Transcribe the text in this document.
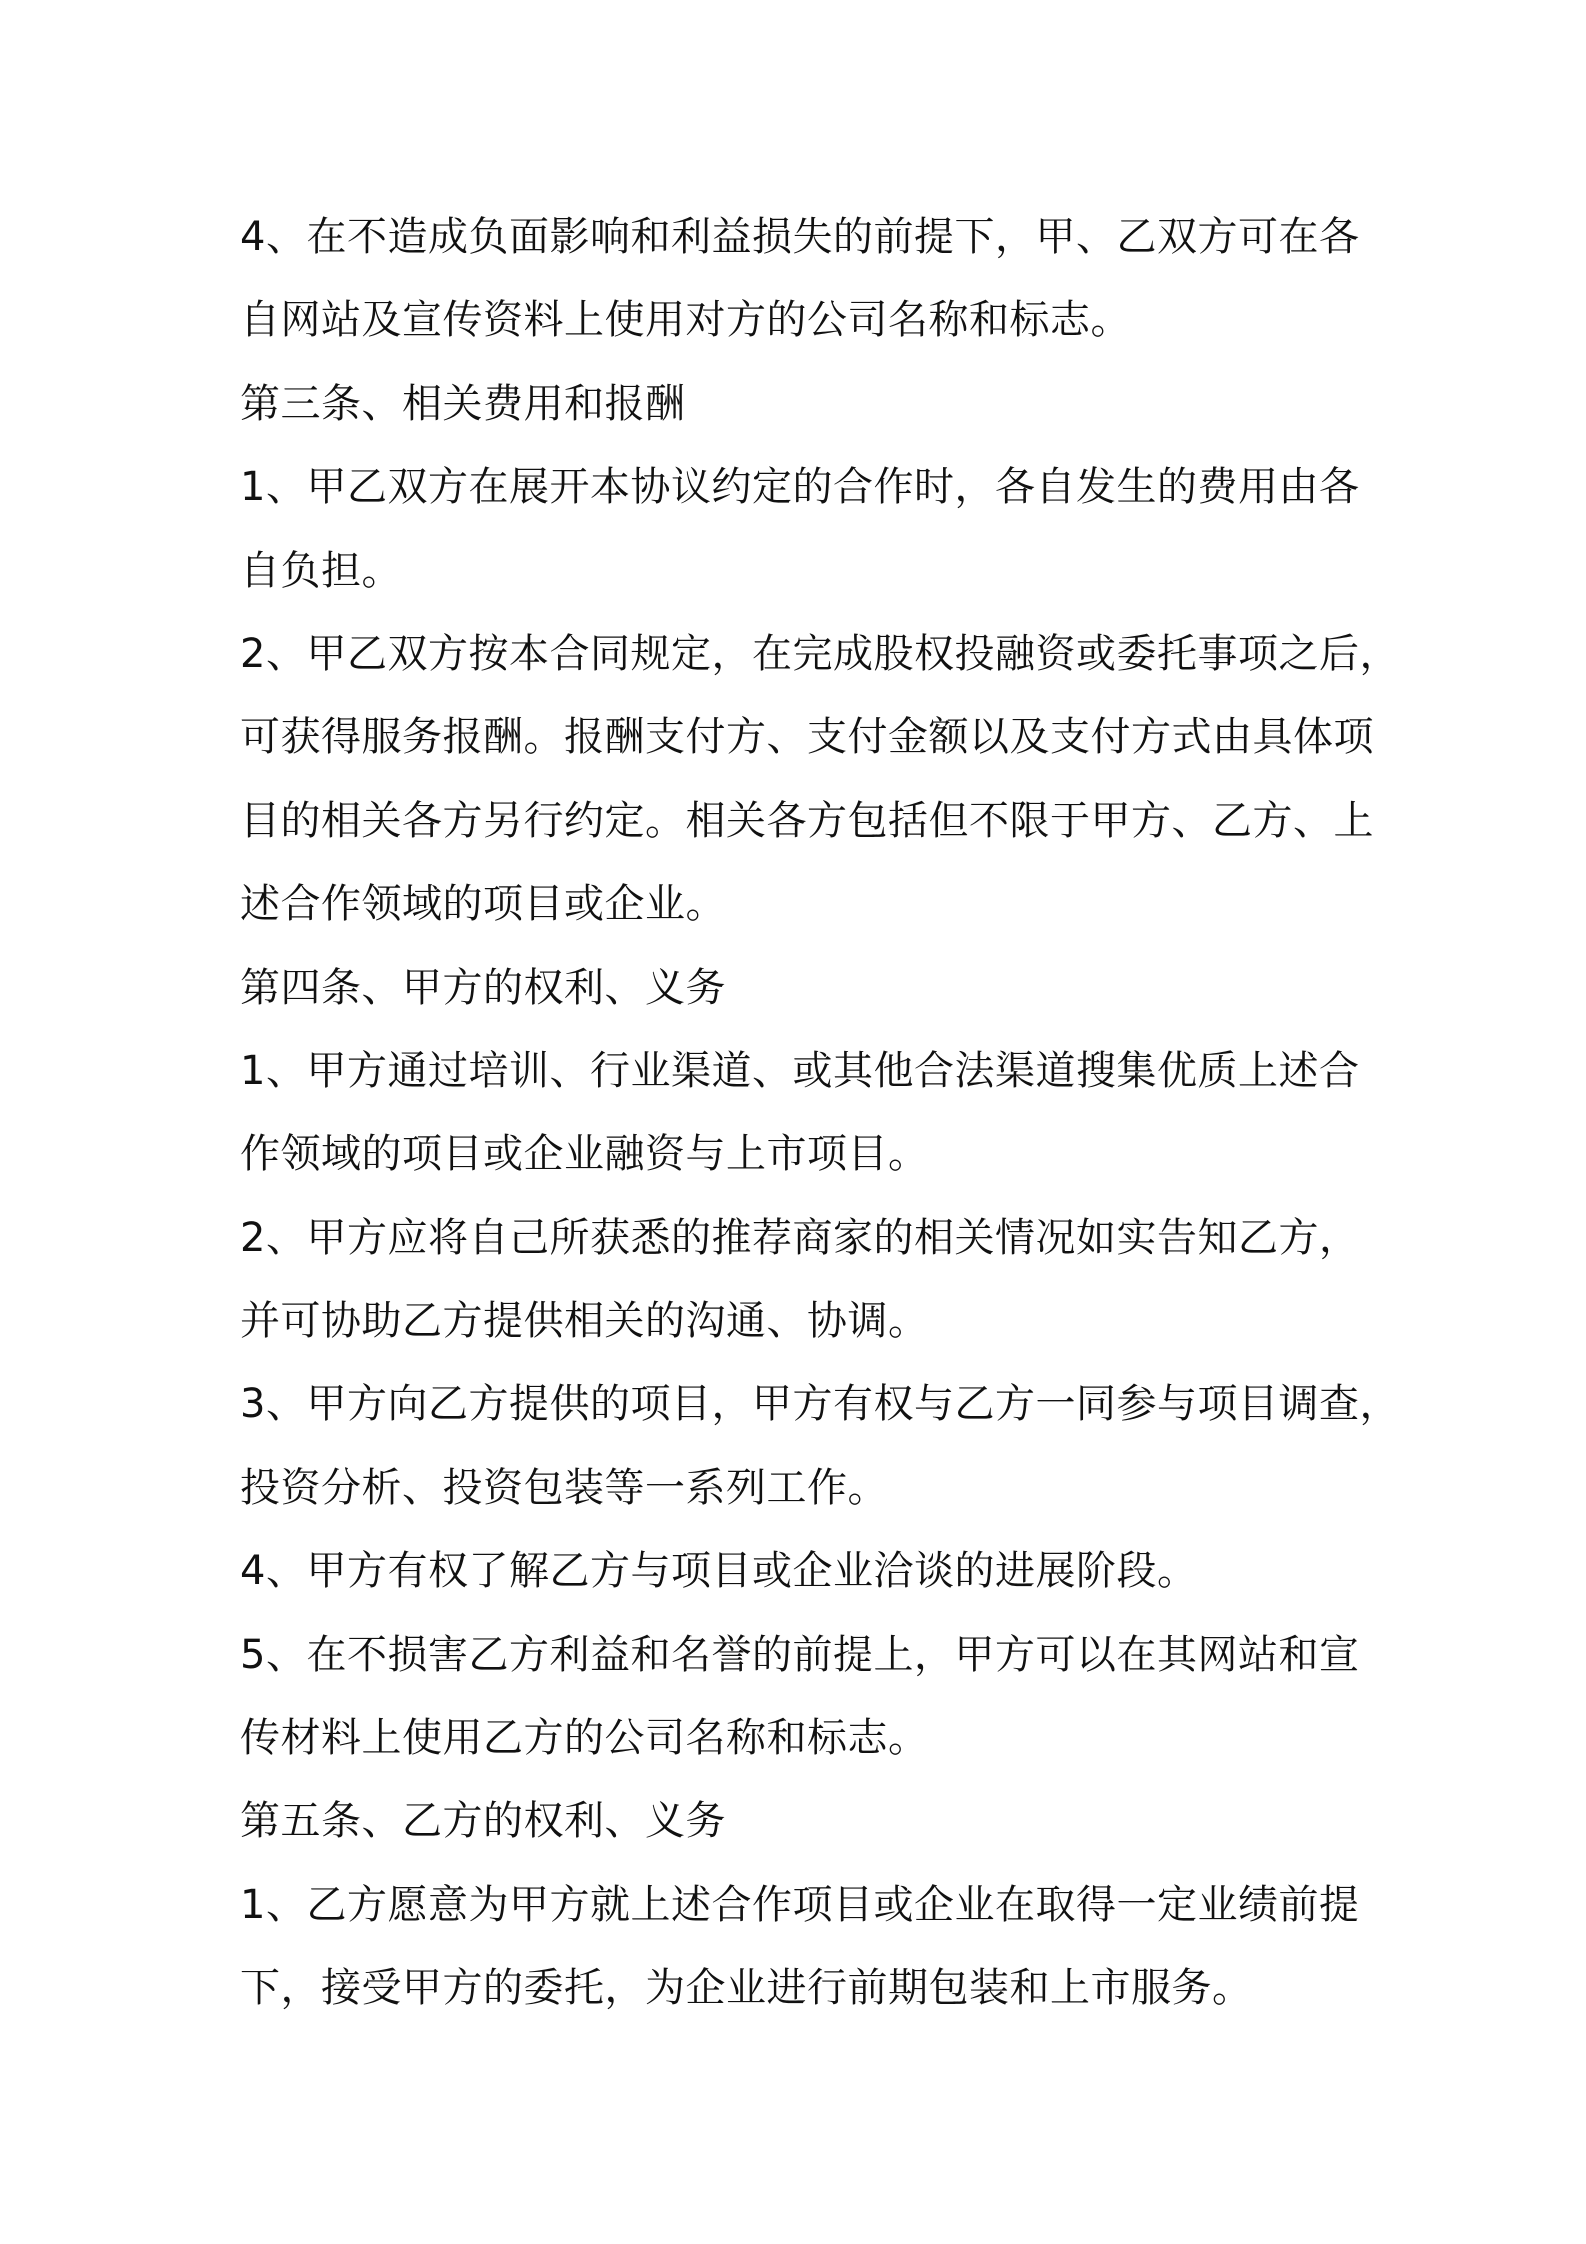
4、在不造成负面影响和利益损失的前提下，甲、乙双方可在各
自网站及宣传资料上使用对方的公司名称和标志。
第三条、相关费用和报酬
1、甲乙双方在展开本协议约定的合作时，各自发生的费用由各
自负担。
2、甲乙双方按本合同规定，在完成股权投融资或委托事项之后，
可获得服务报酬。报酬支付方、支付金额以及支付方式由具体项
目的相关各方另行约定。相关各方包括但不限于甲方、乙方、上
述合作领域的项目或企业。
第四条、甲方的权利、义务
1、甲方通过培训、行业渠道、或其他合法渠道搜集优质上述合
作领域的项目或企业融资与上市项目。
2、甲方应将自己所获悉的推荐商家的相关情况如实告知乙方，
并可协助乙方提供相关的沟通、协调。
3、甲方向乙方提供的项目，甲方有权与乙方一同参与项目调查，
投资分析、投资包装等一系列工作。
4、甲方有权了解乙方与项目或企业洽谈的进展阶段。
5、在不损害乙方利益和名誉的前提上，甲方可以在其网站和宣
传材料上使用乙方的公司名称和标志。
第五条、乙方的权利、义务
1、乙方愿意为甲方就上述合作项目或企业在取得一定业绩前提
下，接受甲方的委托，为企业进行前期包装和上市服务。
